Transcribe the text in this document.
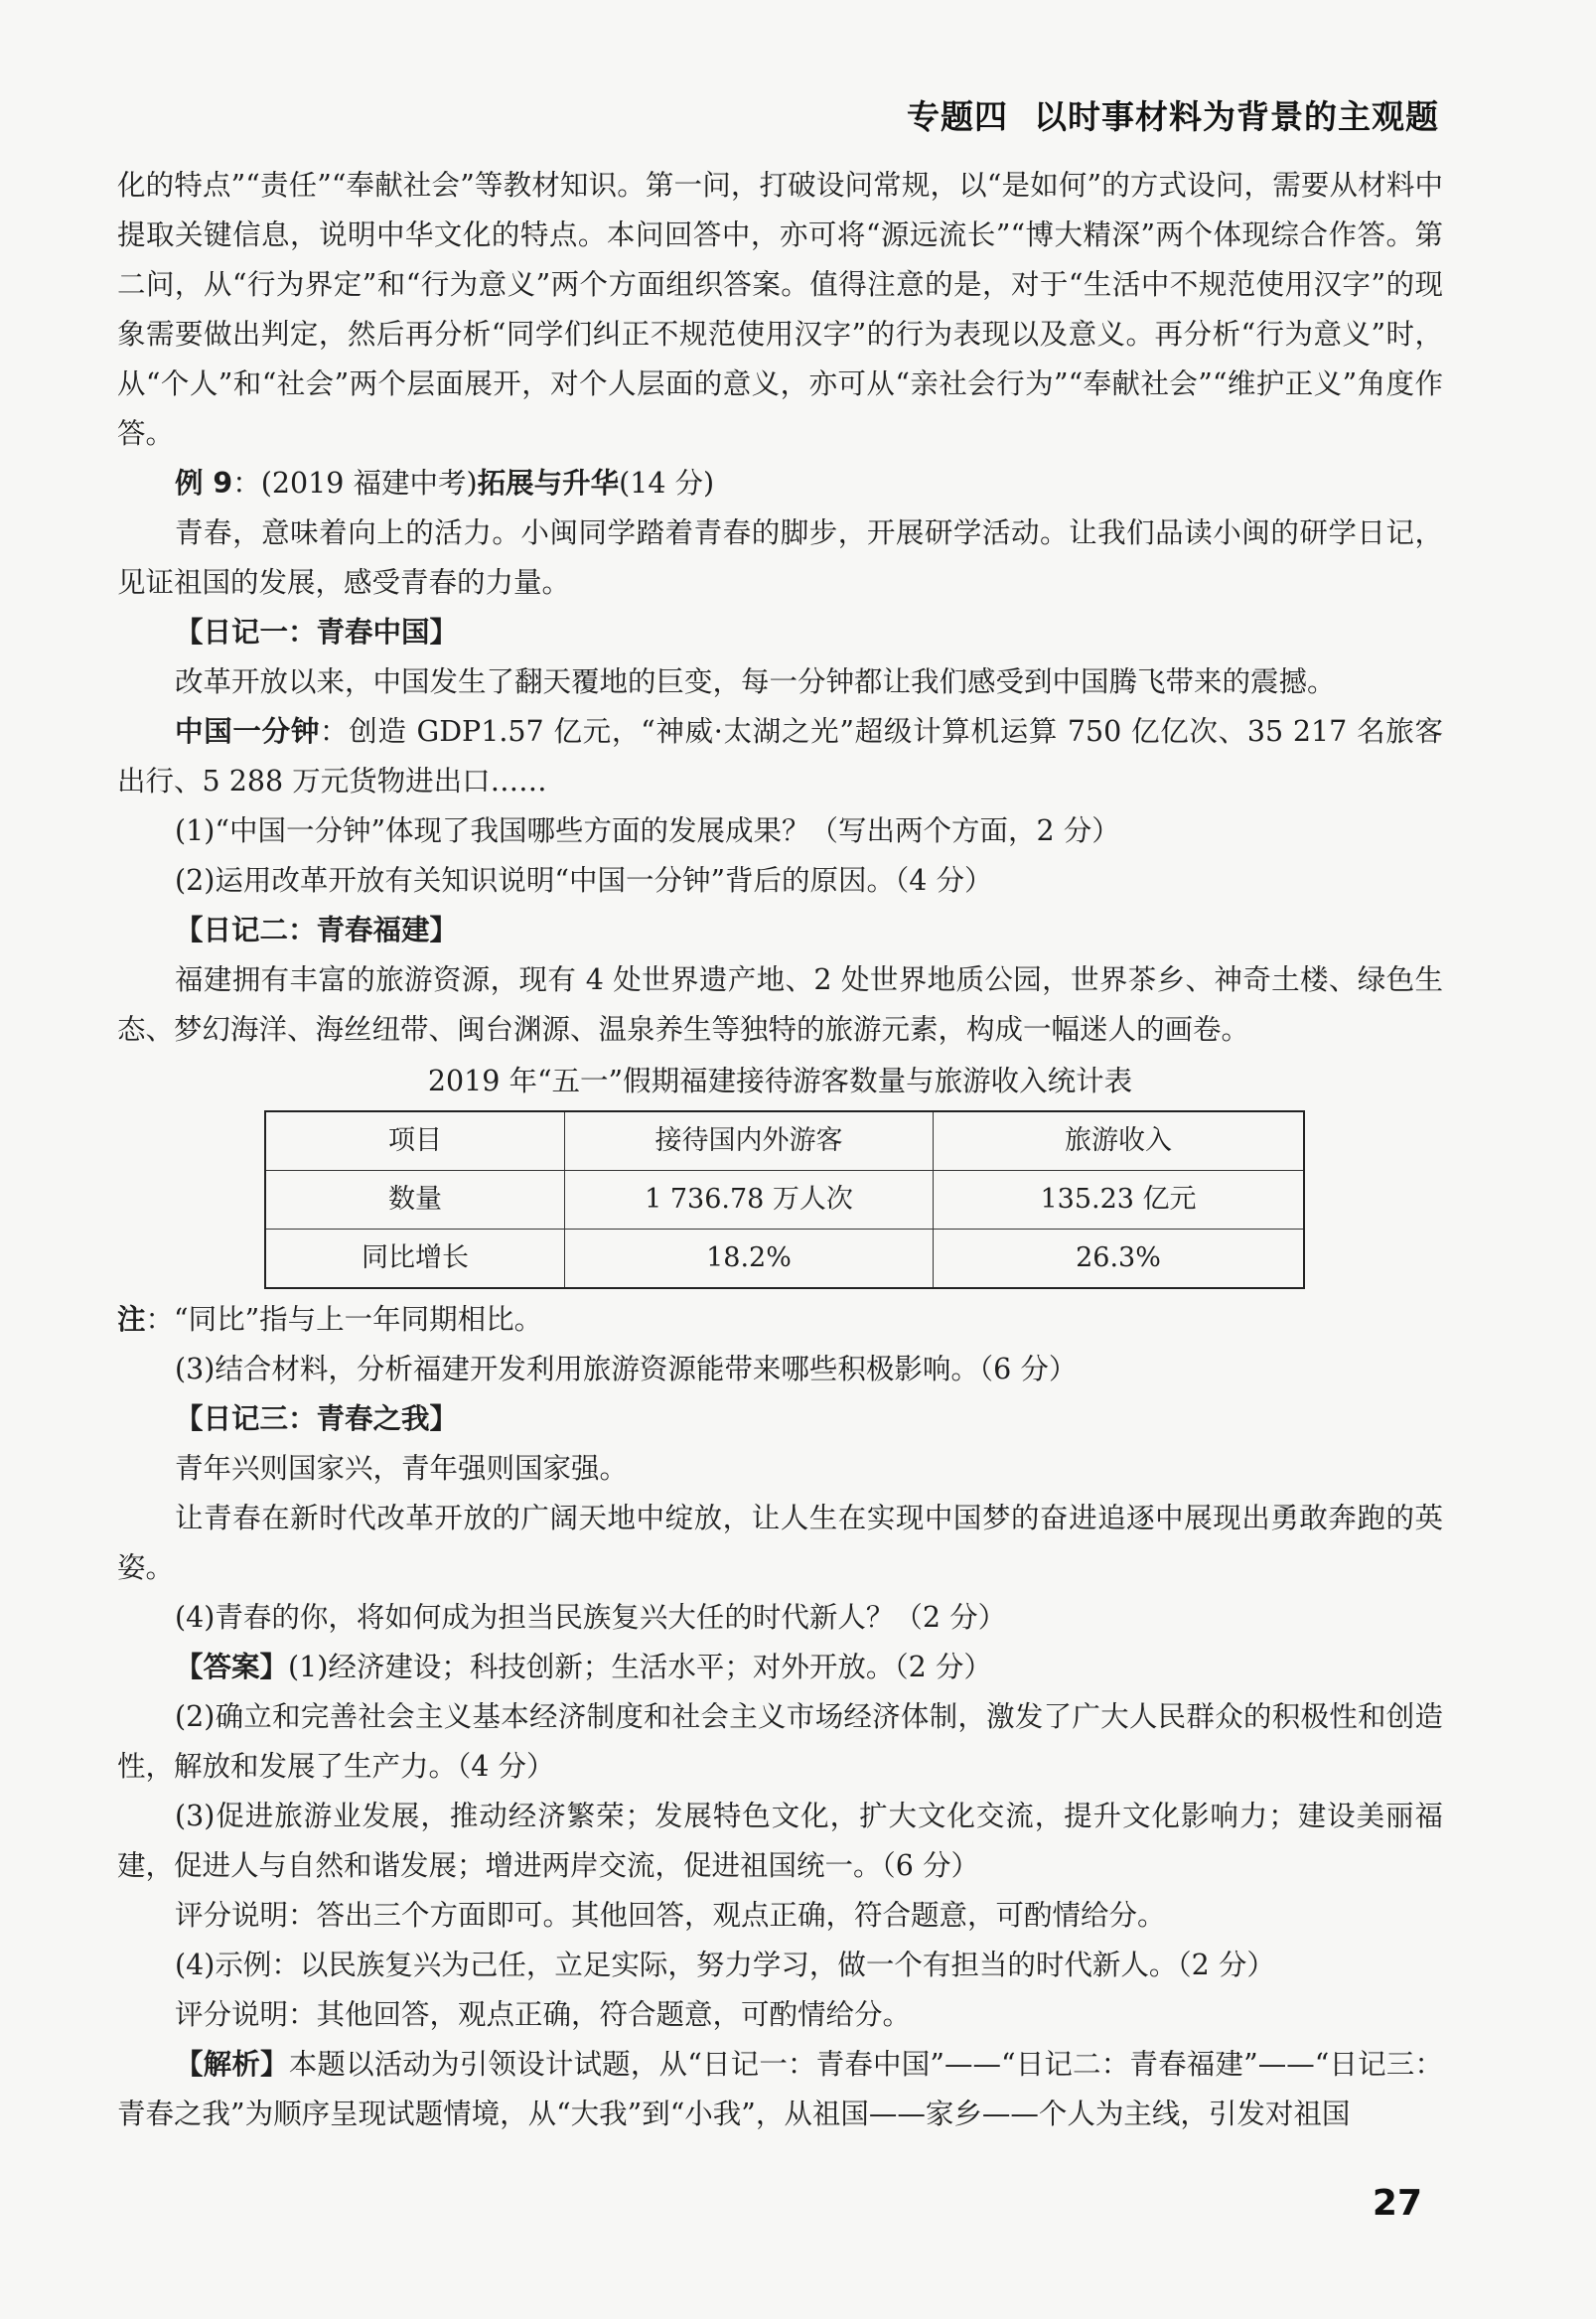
专题四 以时事材料为背景的主观题

化的特点”“责任”“奉献社会”等教材知识。第一问，打破设问常规，以“是如何”的方式设问，需要从材料中提取关键信息，说明中华文化的特点。本问回答中，亦可将“源远流长”“博大精深”两个体现综合作答。第二问，从“行为界定”和“行为意义”两个方面组织答案。值得注意的是，对于“生活中不规范使用汉字”的现象需要做出判定，然后再分析“同学们纠正不规范使用汉字”的行为表现以及意义。再分析“行为意义”时，从“个人”和“社会”两个层面展开，对个人层面的意义，亦可从“亲社会行为”“奉献社会”“维护正义”角度作答。

例 9：(2019 福建中考)拓展与升华(14 分)

青春，意味着向上的活力。小闽同学踏着青春的脚步，开展研学活动。让我们品读小闽的研学日记，见证祖国的发展，感受青春的力量。

【日记一：青春中国】

改革开放以来，中国发生了翻天覆地的巨变，每一分钟都让我们感受到中国腾飞带来的震撼。

中国一分钟：创造 GDP1.57 亿元，“神威·太湖之光”超级计算机运算 750 亿亿次、35 217 名旅客出行、5 288 万元货物进出口……

(1)“中国一分钟”体现了我国哪些方面的发展成果？（写出两个方面，2 分）

(2)运用改革开放有关知识说明“中国一分钟”背后的原因。（4 分）

【日记二：青春福建】

福建拥有丰富的旅游资源，现有 4 处世界遗产地、2 处世界地质公园，世界茶乡、神奇土楼、绿色生态、梦幻海洋、海丝纽带、闽台渊源、温泉养生等独特的旅游元素，构成一幅迷人的画卷。

2019 年“五一”假期福建接待游客数量与旅游收入统计表

项目	接待国内外游客	旅游收入
数量	1 736.78 万人次	135.23 亿元
同比增长	18.2%	26.3%

注：“同比”指与上一年同期相比。

(3)结合材料，分析福建开发利用旅游资源能带来哪些积极影响。（6 分）

【日记三：青春之我】

青年兴则国家兴，青年强则国家强。

让青春在新时代改革开放的广阔天地中绽放，让人生在实现中国梦的奋进追逐中展现出勇敢奔跑的英姿。

(4)青春的你，将如何成为担当民族复兴大任的时代新人？（2 分）

【答案】(1)经济建设；科技创新；生活水平；对外开放。（2 分）

(2)确立和完善社会主义基本经济制度和社会主义市场经济体制，激发了广大人民群众的积极性和创造性，解放和发展了生产力。（4 分）

(3)促进旅游业发展，推动经济繁荣；发展特色文化，扩大文化交流，提升文化影响力；建设美丽福建，促进人与自然和谐发展；增进两岸交流，促进祖国统一。（6 分）

评分说明：答出三个方面即可。其他回答，观点正确，符合题意，可酌情给分。

(4)示例：以民族复兴为己任，立足实际，努力学习，做一个有担当的时代新人。（2 分）

评分说明：其他回答，观点正确，符合题意，可酌情给分。

【解析】本题以活动为引领设计试题，从“日记一：青春中国”——“日记二：青春福建”——“日记三：青春之我”为顺序呈现试题情境，从“大我”到“小我”，从祖国——家乡——个人为主线，引发对祖国

27
